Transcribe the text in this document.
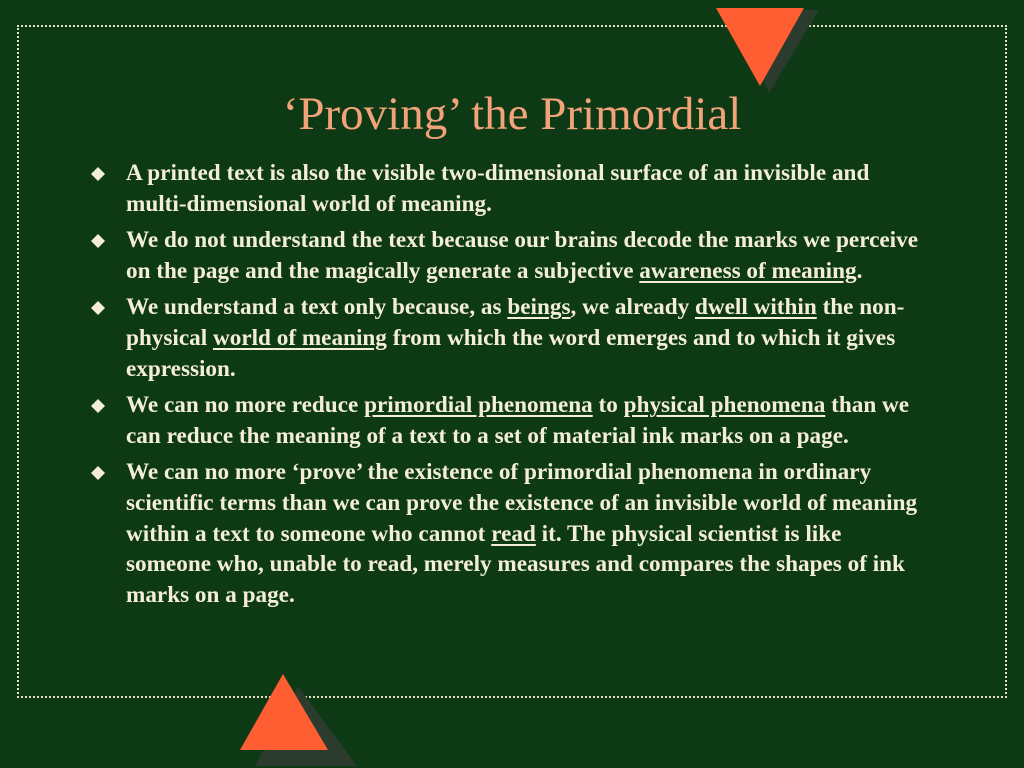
‘Proving’ the Primordial
A printed text is also the visible two-dimensional surface of an invisible and multi-dimensional world of meaning.
We do not understand the text because our brains decode the marks we perceive on the page and the magically generate a subjective awareness of meaning.
We understand a text only because, as beings, we already dwell within the non-physical world of meaning from which the word emerges and to which it gives expression.
We can no more reduce primordial phenomena to physical phenomena than we can reduce the meaning of a text to a set of material ink marks on a page.
We can no more ‘prove’ the existence of primordial phenomena in ordinary scientific terms than we can prove the existence of an invisible world of meaning within a text to someone who cannot read it. The physical scientist is like someone who, unable to read, merely measures and compares the shapes of ink marks on a page.
